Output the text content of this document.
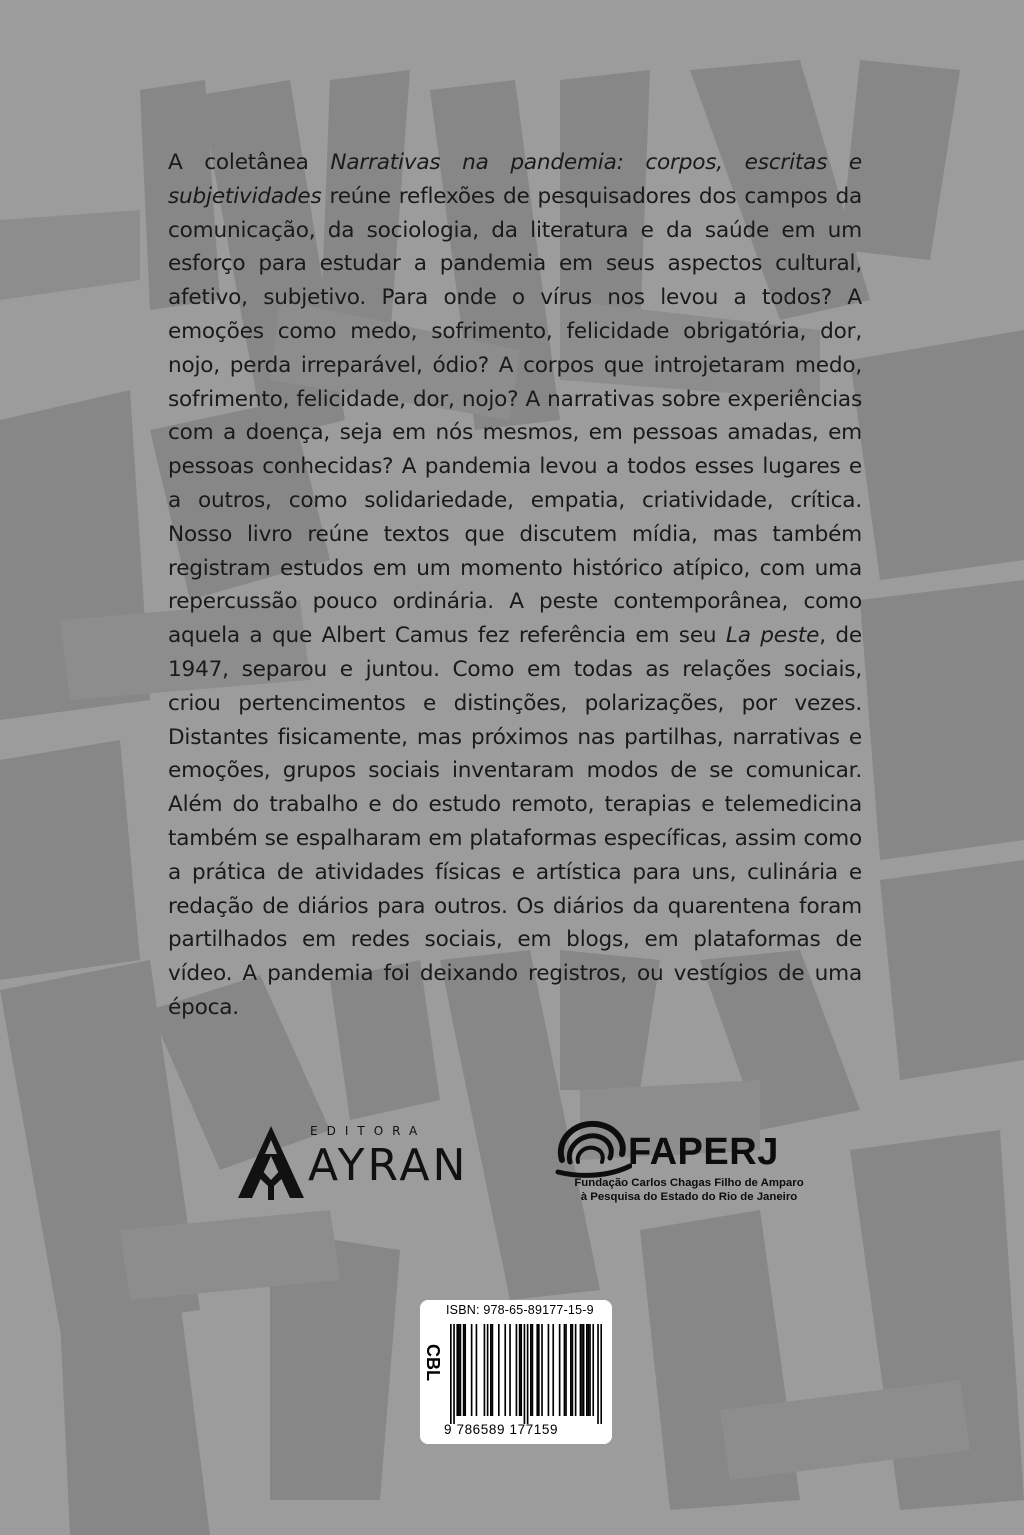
A coletânea Narrativas na pandemia: corpos, escritas e subjetividades reúne reflexões de pesquisadores dos campos da comunicação, da sociologia, da literatura e da saúde em um esforço para estudar a pandemia em seus aspectos cultural, afetivo, subjetivo. Para onde o vírus nos levou a todos? A emoções como medo, sofrimento, felicidade obrigatória, dor, nojo, perda irreparável, ódio? A corpos que introjetaram medo, sofrimento, felicidade, dor, nojo? A narrativas sobre experiências com a doença, seja em nós mesmos, em pessoas amadas, em pessoas conhecidas? A pandemia levou a todos esses lugares e a outros, como solidariedade, empatia, criatividade, crítica. Nosso livro reúne textos que discutem mídia, mas também registram estudos em um momento histórico atípico, com uma repercussão pouco ordinária. A peste contemporânea, como aquela a que Albert Camus fez referência em seu La peste, de 1947, separou e juntou. Como em todas as relações sociais, criou pertencimentos e distinções, polarizações, por vezes. Distantes fisicamente, mas próximos nas partilhas, narrativas e emoções, grupos sociais inventaram modos de se comunicar. Além do trabalho e do estudo remoto, terapias e telemedicina também se espalharam em plataformas específicas, assim como a prática de atividades físicas e artística para uns, culinária e redação de diários para outros. Os diários da quarentena foram partilhados em redes sociais, em blogs, em plataformas de vídeo. A pandemia foi deixando registros, ou vestígios de uma época.

EDITORA
AYRAN	FAPERJ
Fundação Carlos Chagas Filho de Amparo
à Pesquisa do Estado do Rio de Janeiro
ISBN: 978-65-89177-15-9
CBL
9 786589 177159
